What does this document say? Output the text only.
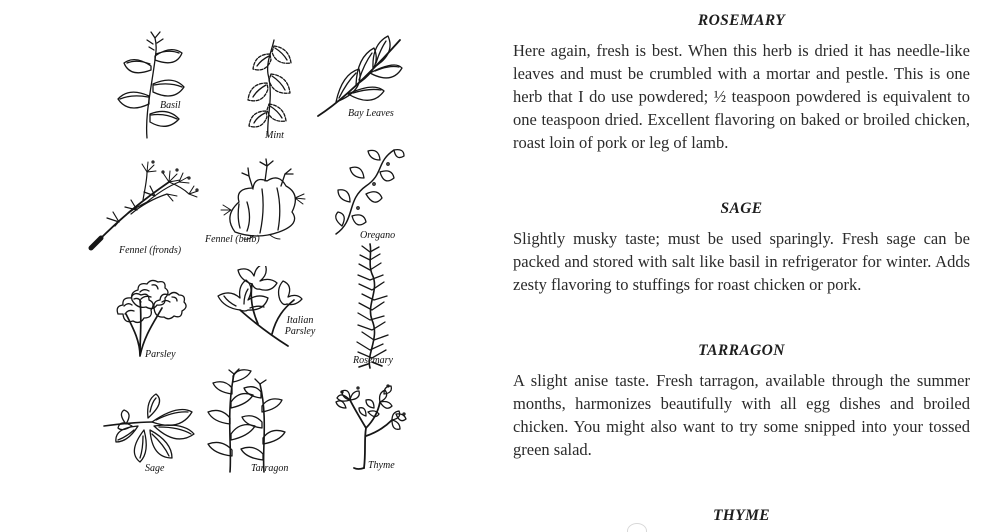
Basil
Mint
Bay Leaves
Fennel (fronds)
Fennel (bulb)	Oregano
Parsley
Italian Parsley
Rosemary
Sage	Tarragon	Thyme
ROSEMARY

Here again, fresh is best. When this herb is dried it has needle-like leaves and must be crumbled with a mortar and pestle. This is one herb that I do use powdered; ½ teaspoon powdered is equivalent to one teaspoon dried. Excellent flavoring on baked or broiled chicken, roast loin of pork or leg of lamb.

SAGE

Slightly musky taste; must be used sparingly. Fresh sage can be packed and stored with salt like basil in refrigerator for winter. Adds zesty flavoring to stuffings for roast chicken or pork.

TARRAGON

A slight anise taste. Fresh tarragon, available through the summer months, harmonizes beautifully with all egg dishes and broiled chicken. You might also want to try some snipped into your tossed green salad.

THYME
